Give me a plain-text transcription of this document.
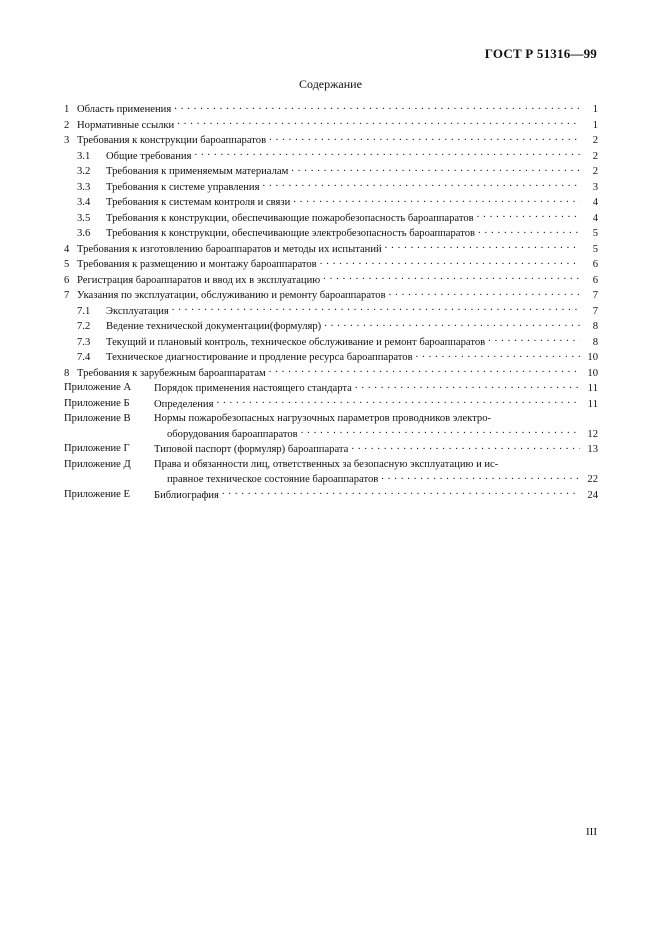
ГОСТ Р 51316—99
Содержание
1 Область применения . . .	1
2 Нормативные ссылки . . .	1
3 Требования к конструкции бароаппаратов . . .	2
3.1	Общие требования . . .	2
3.2	Требования к применяемым материалам . . .	2
3.3	Требования к системе управления . . .	3
3.4	Требования к системам контроля и связи . . .	4
3.5	Требования к конструкции, обеспечивающие пожаробезопасность бароаппаратов . . .	4
3.6	Требования к конструкции, обеспечивающие электробезопасность бароаппаратов . . .	5
4 Требования к изготовлению бароаппаратов и методы их испытаний . . .	5
5 Требования к размещению и монтажу бароаппаратов . . .	6
6 Регистрация бароаппаратов и ввод их в эксплуатацию . . .	6
7 Указания по эксплуатации, обслуживанию и ремонту бароаппаратов . . .	7
7.1	Эксплуатация . . .	7
7.2	Ведение технической документации(формуляр) . . .	8
7.3	Текущий и плановый контроль, техническое обслуживание и ремонт бароаппаратов . . .	8
7.4	Техническое диагностирование и продление ресурса бароаппаратов . . .	10
8 Требования к зарубежным бароаппаратам . . .	10
Приложение А	Порядок применения настоящего стандарта . . .	11
Приложение Б	Определения . . .	11
Приложение В	Нормы пожаробезопасных нагрузочных параметров проводников электро-
оборудования бароаппаратов . . .	12
Приложение Г	Типовой паспорт (формуляр) бароаппарата . . .	13
Приложение Д	Права и обязанности лиц, ответственных за безопасную эксплуатацию и ис-
правное техническое состояние бароаппаратов . . .	22
Приложение Е	Библиография . . .	24
III
